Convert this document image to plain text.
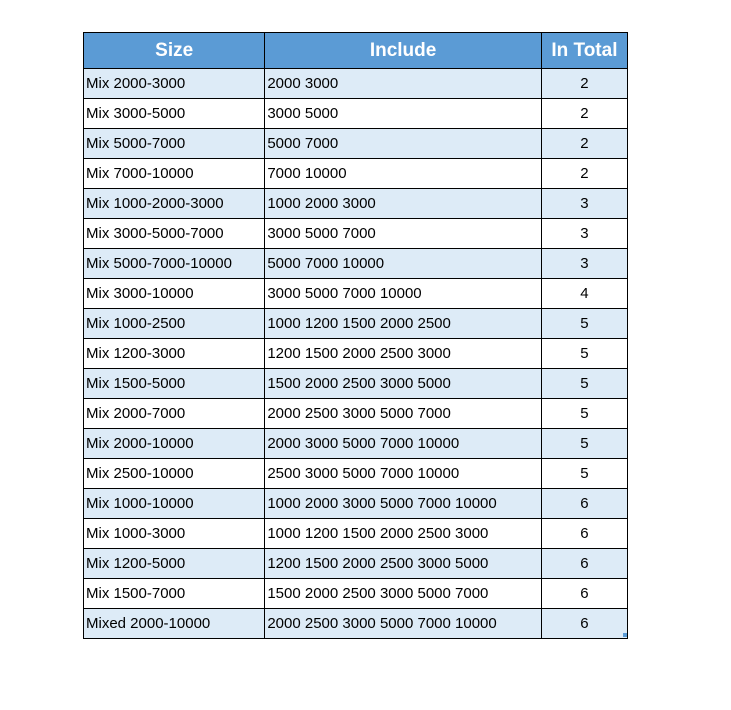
Size	Include	In Total
Mix 2000-3000	2000 3000	2
Mix 3000-5000	3000 5000	2
Mix 5000-7000	5000 7000	2
Mix 7000-10000	7000 10000	2
Mix 1000-2000-3000	1000 2000 3000	3
Mix 3000-5000-7000	3000 5000 7000	3
Mix 5000-7000-10000	5000 7000 10000	3
Mix 3000-10000	3000 5000 7000 10000	4
Mix 1000-2500	1000 1200 1500 2000 2500	5
Mix 1200-3000	1200 1500 2000 2500 3000	5
Mix 1500-5000	1500 2000 2500 3000 5000	5
Mix 2000-7000	2000 2500 3000 5000 7000	5
Mix 2000-10000	2000 3000 5000 7000 10000	5
Mix 2500-10000	2500 3000 5000 7000 10000	5
Mix 1000-10000	1000 2000 3000 5000 7000 10000	6
Mix 1000-3000	1000 1200 1500 2000 2500 3000	6
Mix 1200-5000	1200 1500 2000 2500 3000 5000	6
Mix 1500-7000	1500 2000 2500 3000 5000 7000	6
Mixed 2000-10000	2000 2500 3000 5000 7000 10000	6
